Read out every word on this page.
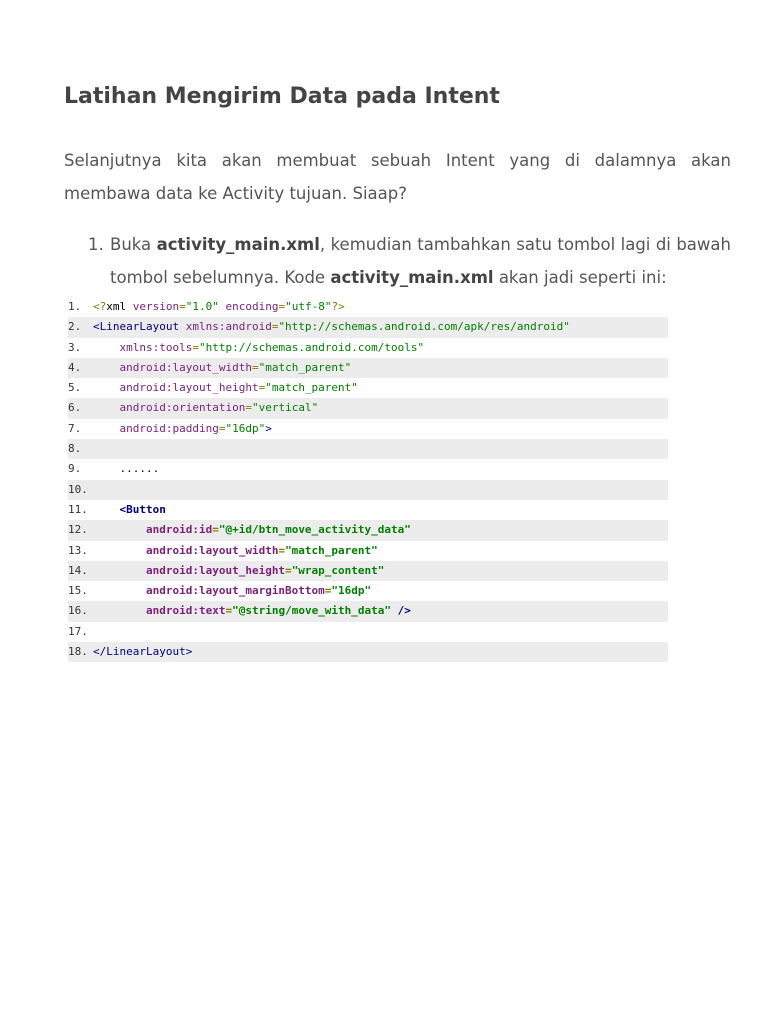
Latihan Mengirim Data pada Intent

Selanjutnya kita akan membuat sebuah Intent yang di dalamnya akan membawa data ke Activity tujuan. Siaap?

1. Buka activity_main.xml, kemudian tambahkan satu tombol lagi di bawah tombol sebelumnya. Kode activity_main.xml akan jadi seperti ini:

1. <?xml version="1.0" encoding="utf-8"?>
2. <LinearLayout xmlns:android="http://schemas.android.com/apk/res/android"
3.	xmlns:tools="http://schemas.android.com/tools"
4.	android:layout_width="match_parent"
5.	android:layout_height="match_parent"
6.	android:orientation="vertical"
7.	android:padding="16dp">
8.
9.    ......
10.
11.	<Button
12.	android:id="@+id/btn_move_activity_data"
13.	android:layout_width="match_parent"
14.	android:layout_height="wrap_content"
15.	android:layout_marginBottom="16dp"
16.	android:text="@string/move_with_data" />
17.
18. </LinearLayout>
